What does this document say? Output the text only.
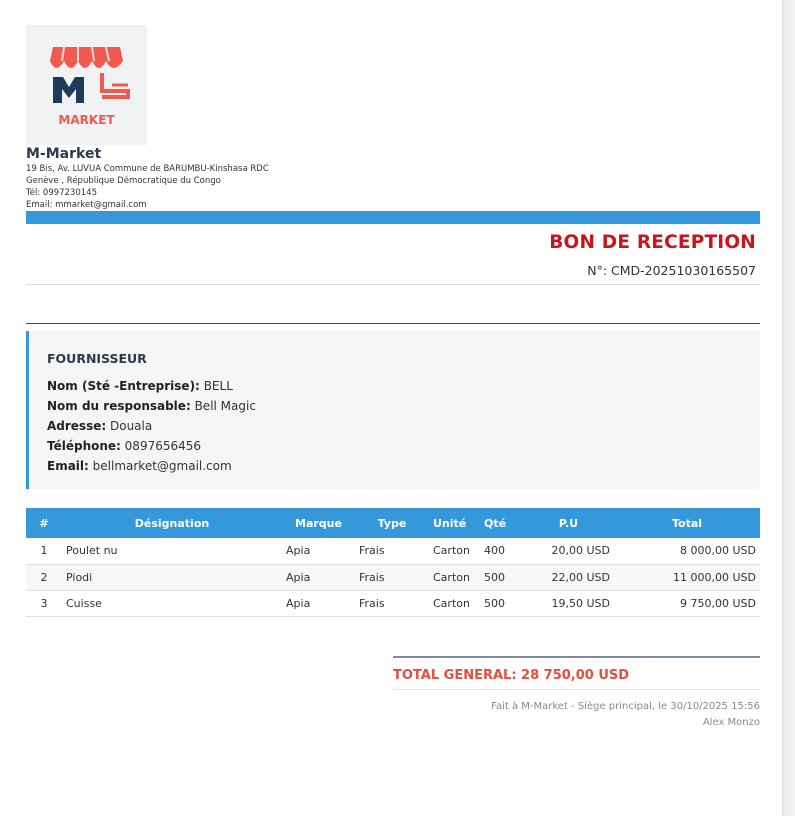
MARKET
M-Market
19 Bis, Av. LUVUA Commune de BARUMBU-Kinshasa RDC
Genève , République Démocratique du Congo
Tél: 0997230145
Email: mmarket@gmail.com
BON DE RECEPTION
N°: CMD-20251030165507
FOURNISSEUR
Nom (Sté -Entreprise): BELL
Nom du responsable: Bell Magic
Adresse: Douala
Téléphone: 0897656456
Email: bellmarket@gmail.com
#	Désignation	Marque	Type	Unité	Qté	P.U	Total
1	Poulet nu	Apia	Frais	Carton	400	20,00 USD	8 000,00 USD
2	Piodi	Apia	Frais	Carton	500	22,00 USD	11 000,00 USD
3	Cuisse	Apia	Frais	Carton	500	19,50 USD	9 750,00 USD
TOTAL GENERAL: 28 750,00 USD
Fait à M-Market - Siège principal, le 30/10/2025 15:56
Alex Monzo
